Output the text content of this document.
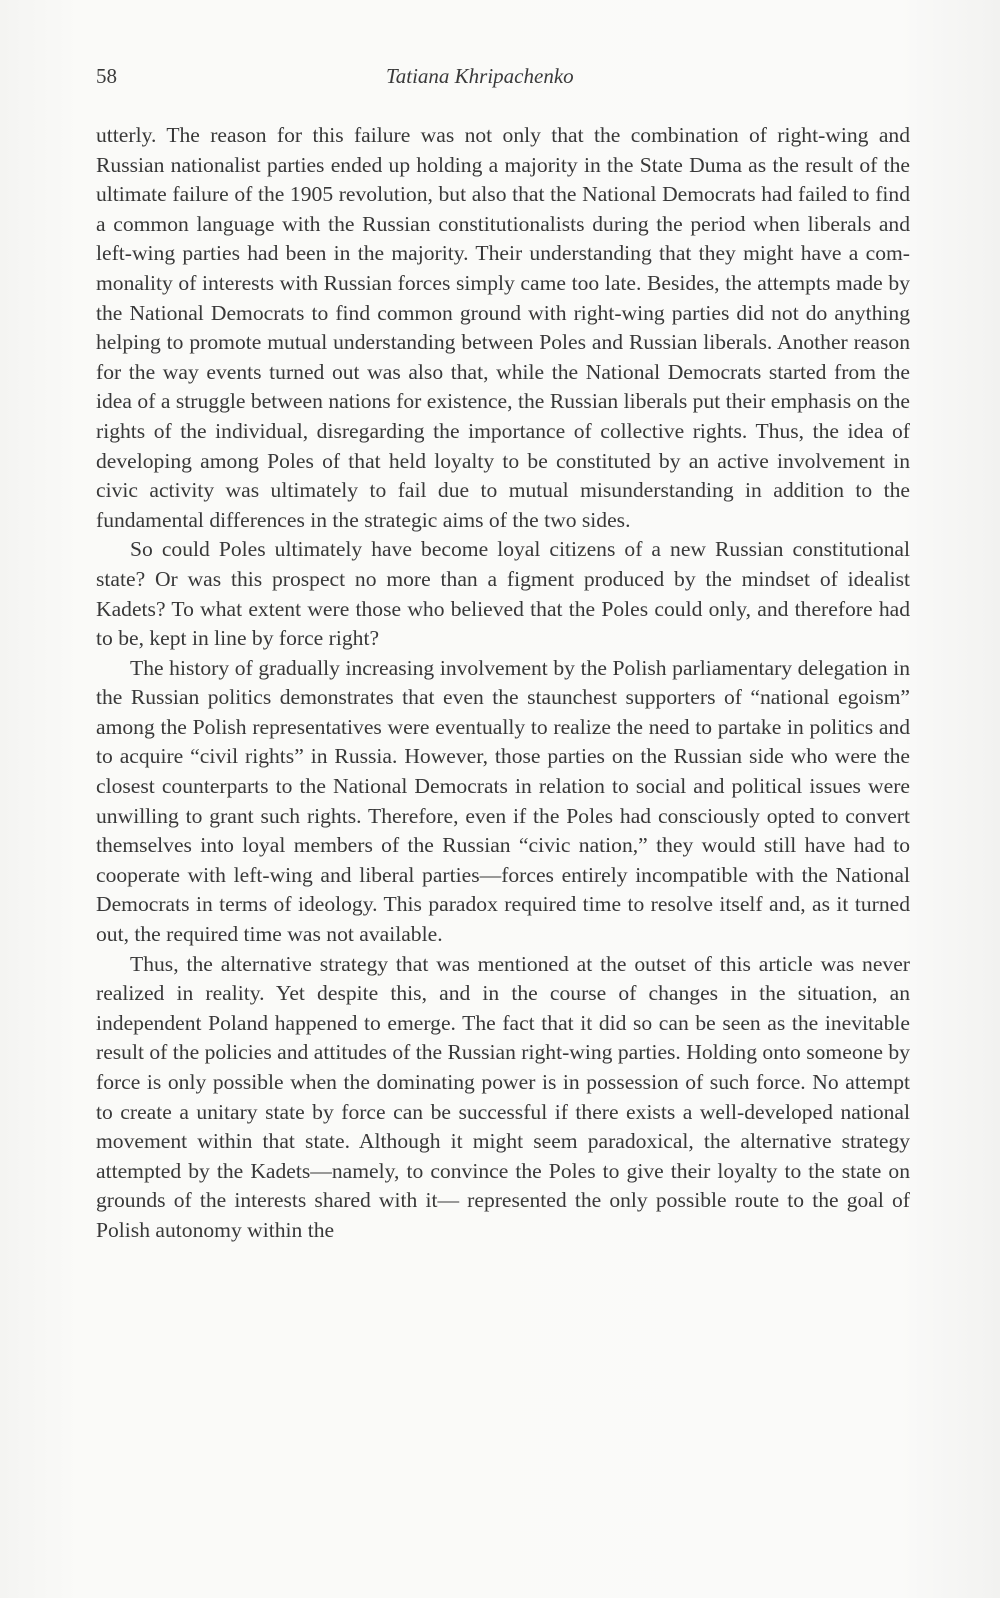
58	Tatiana Khripachenko

utterly. The reason for this failure was not only that the combination of right-wing and Russian nationalist parties ended up holding a majority in the State Duma as the result of the ultimate failure of the 1905 revolution, but also that the National Democrats had failed to find a common language with the Russian constitutionalists during the period when liberals and left-wing parties had been in the majority. Their understanding that they might have a commonality of interests with Russian forces simply came too late. Besides, the attempts made by the National Democrats to find common ground with right-wing parties did not do anything helping to promote mutual understanding between Poles and Russian liberals. Another reason for the way events turned out was also that, while the National Democrats started from the idea of a struggle between nations for existence, the Russian liberals put their emphasis on the rights of the individual, disregarding the importance of collective rights. Thus, the idea of developing among Poles of that held loyalty to be constituted by an active involvement in civic activity was ultimately to fail due to mutual misunderstanding in addition to the fundamental differences in the strategic aims of the two sides.

So could Poles ultimately have become loyal citizens of a new Russian constitutional state? Or was this prospect no more than a figment produced by the mindset of idealist Kadets? To what extent were those who believed that the Poles could only, and therefore had to be, kept in line by force right?

The history of gradually increasing involvement by the Polish parliamentary delegation in the Russian politics demonstrates that even the staunchest supporters of “national egoism” among the Polish representatives were eventually to realize the need to partake in politics and to acquire “civil rights” in Russia. However, those parties on the Russian side who were the closest counterparts to the National Democrats in relation to social and political issues were unwilling to grant such rights. Therefore, even if the Poles had consciously opted to convert themselves into loyal members of the Russian “civic nation,” they would still have had to cooperate with left-wing and liberal parties—forces entirely incompatible with the National Democrats in terms of ideology. This paradox required time to resolve itself and, as it turned out, the required time was not available.

Thus, the alternative strategy that was mentioned at the outset of this article was never realized in reality. Yet despite this, and in the course of changes in the situation, an independent Poland happened to emerge. The fact that it did so can be seen as the inevitable result of the policies and attitudes of the Russian right-wing parties. Holding onto someone by force is only possible when the dominating power is in possession of such force. No attempt to create a unitary state by force can be successful if there exists a well-developed national movement within that state. Although it might seem paradoxical, the alternative strategy attempted by the Kadets—namely, to convince the Poles to give their loyalty to the state on grounds of the interests shared with it— represented the only possible route to the goal of Polish autonomy within the
